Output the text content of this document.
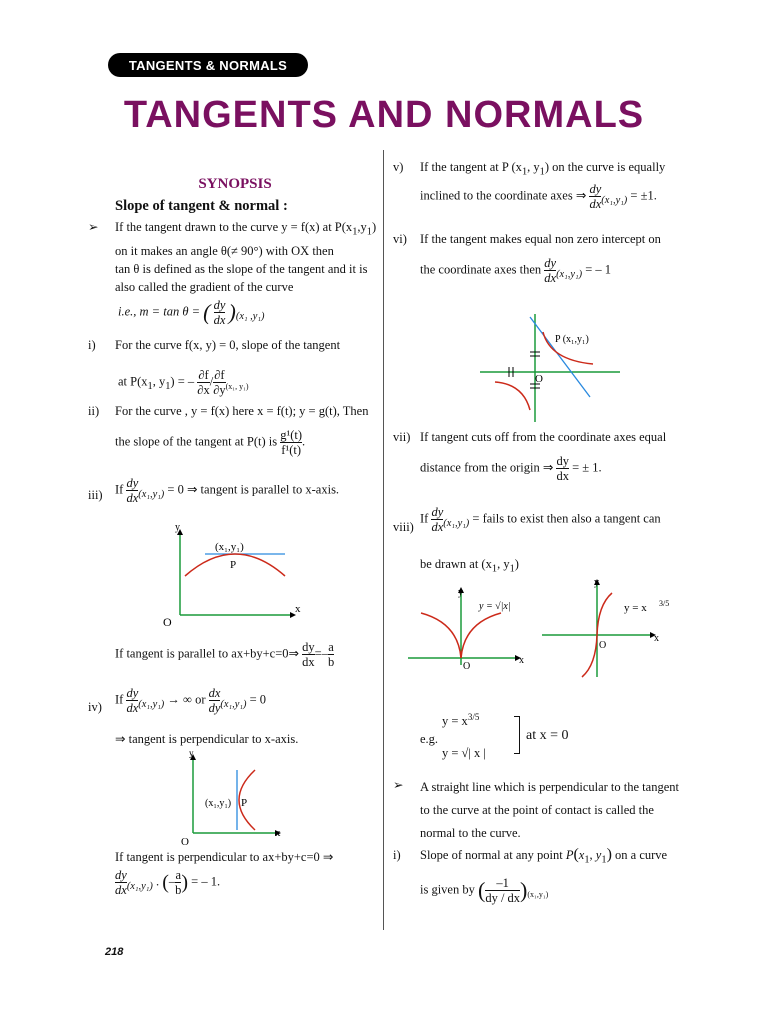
TANGENTS & NORMALS
TANGENTS AND NORMALS
SYNOPSIS
Slope of tangent & normal :
➢ If the tangent drawn to the curve y = f(x) at $P(x_1,y_1)$
on it makes an angle θ(≠ 90°) with OX then
tan θ is defined as the slope of the tangent and it is
also called the gradient of the curve
i.e., m = tan θ = ( $\frac{dy}{dx} )_{(x_1 ,y_1)}$
i) For the curve f(x, y) = 0, slope of the tangent
at $P(x_1$, $y_1$) = – $\frac{\partial f}{\partial x} / \frac{\partial f}{\partial y} _{(x_1, y_1)}$
ii) For the curve , y = f(x) here x = f(t); y = g(t), Then
the slope of the tangent at P(t) is $\frac{\text{g¹(t)}}{\text{f¹(t)}}$ .
iii) If $\frac{dy}{dx} _{(x_1,y_1)} = 0$ ⇒ tangent is parallel to x-axis.
(x₁,y₁)
P
x
y
O
If tangent is parallel to ax+by+c=0⇒ $\frac{dy}{dx} =- \frac{a}{b}$
iv)
If $\frac{dy}{dx} _{(x_1,y_1)}$ → ∞ or $\frac{dx}{dy} _{(x_1,y_1)} = 0$
⇒ tangent is perpendicular to x-axis.
(x₁,y₁) P
x
y
O
If tangent is perpendicular to ax+by+c=0 ⇒
$\frac{dy}{dx} _{(x_1,y_1)}$ . (– $\frac{a}{b}$ ) = – 1.
218
v) If the tangent at P ($x_1$, $y_1$) on the curve is equally
inclined to the coordinate axes ⇒ $\frac{dy}{dx} _{(x_1,y_1)} = \pm 1$.
vi) If the tangent makes equal non zero intercept on
the coordinate axes then $\frac{dy}{dx} _{(x_1,y_1)}$ = – 1
P (x₁,y₁)
O
vii) If tangent cuts off from the coordinate axes equal
distance from the origin ⇒ $\frac{dy}{dx}$ = ± 1.
viii)
If $\frac{dy}{dx} _{(x_1,y_1)}$ = fails to exist then also a tangent can
be drawn at ($x_1$, $y_1$)
y = √|x|
x
y
O
y = x 3/5
x
y
O
$y = x^{3/5}$
e.g.
y = √| x |
at x = 0
➢ A straight line which is perpendicular to the tangent
to the curve at the point of contact is called the
normal to the curve.
i) Slope of normal at any point $P(x_1$, $y_1$) on a curve
is given by ( $\frac{-1}{dy / dx} )_{(x_1,y_1)}$
